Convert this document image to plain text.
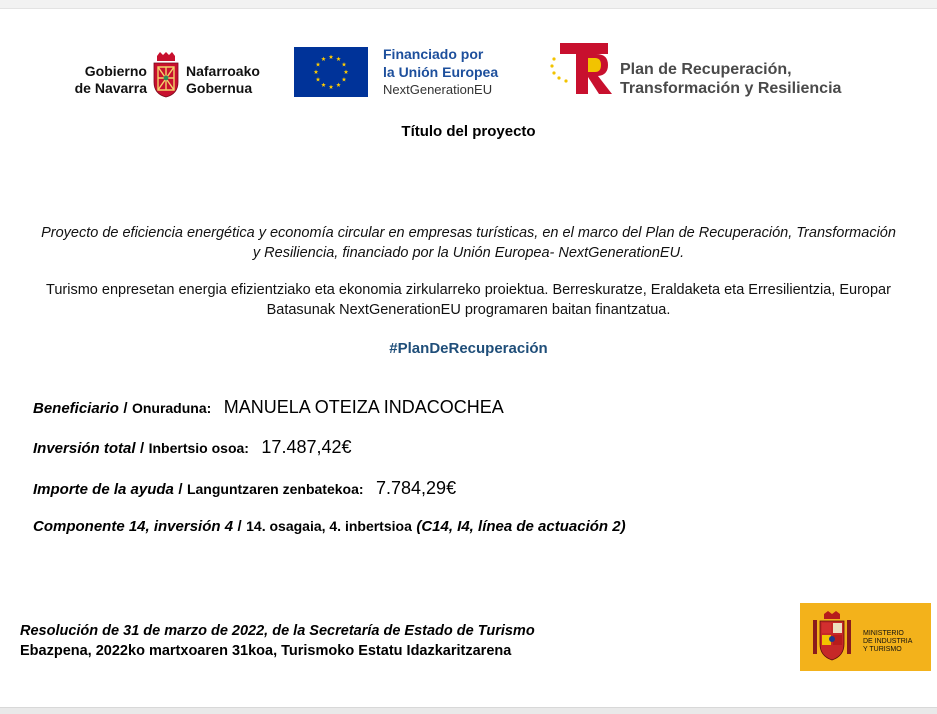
Gobierno
de Navarra
Nafarroako
Gobernua
Financiado por
la Unión Europea
NextGenerationEU
Plan de Recuperación,
Transformación y Resiliencia
Título del proyecto
Proyecto de eficiencia energética y economía circular en empresas turísticas, en el marco del Plan de Recuperación, Transformación y Resiliencia, financiado por la Unión Europea- NextGenerationEU.
Turismo enpresetan energia efizientziako eta ekonomia zirkularreko proiektua. Berreskuratze, Eraldaketa eta Erresilientzia, Europar Batasunak NextGenerationEU programaren baitan finantzatua.
#PlanDeRecuperación
Beneficiario / Onuraduna: MANUELA OTEIZA INDACOCHEA
Inversión total / Inbertsio osoa: 17.487,42€
Importe de la ayuda / Languntzaren zenbatekoa: 7.784,29€
Componente 14, inversión 4 / 14. osagaia, 4. inbertsioa (C14, I4, línea de actuación 2)
Resolución de 31 de marzo de 2022, de la Secretaría de Estado de Turismo
Ebazpena, 2022ko martxoaren 31koa, Turismoko Estatu Idazkaritzarena
MINISTERIO
DE INDUSTRIA
Y TURISMO
